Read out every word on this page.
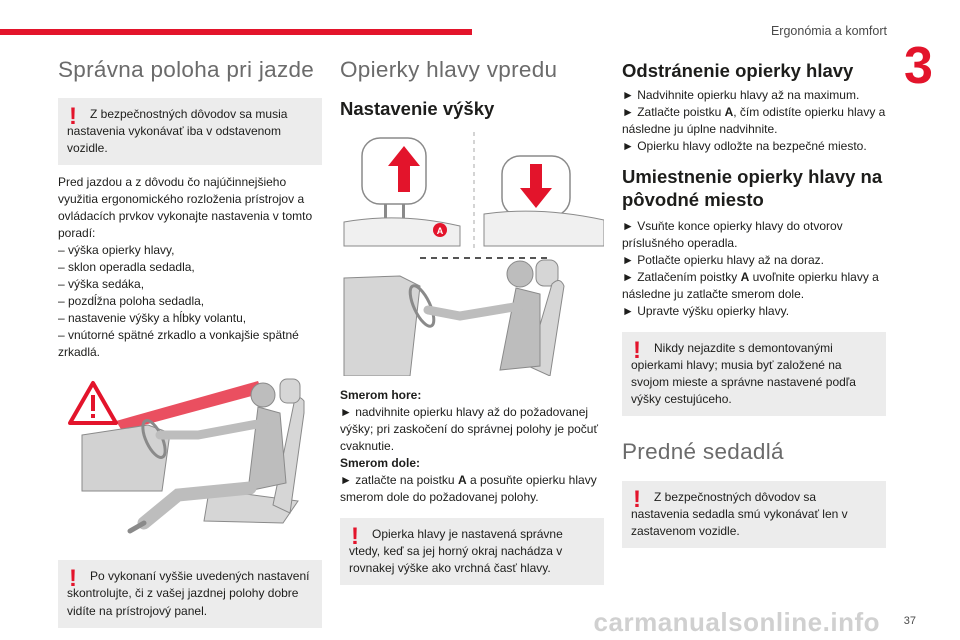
Ergonómia a komfort
3
Správna poloha pri jazde
!	Z bezpečnostných dôvodov sa musia nastavenia vykonávať iba v odstavenom vozidle.

Pred jazdou a z dôvodu čo najúčinnejšieho využitia ergonomického rozloženia prístrojov a ovládacích prvkov vykonajte nastavenia v tomto poradí:

– výška opierky hlavy,

– sklon operadla sedadla,

– výška sedáka,

– pozdĺžna poloha sedadla,

– nastavenie výšky a hĺbky volantu,

– vnútorné spätné zrkadlo a vonkajšie spätné zrkadlá.

!	Po vykonaní vyššie uvedených nastavení skontrolujte, či z vašej jazdnej polohy dobre vidíte na prístrojový panel.
Opierky hlavy vpredu
Nastavenie výšky
A

Smerom hore:

► nadvihnite opierku hlavy až do požadovanej výšky; pri zaskočení do správnej polohy je počuť cvaknutie.

Smerom dole:

► zatlačte na poistku A a posuňte opierku hlavy smerom dole do požadovanej polohy.

!	Opierka hlavy je nastavená správne vtedy, keď sa jej horný okraj nachádza v rovnakej výške ako vrchná časť hlavy.
Odstránenie opierky hlavy

► Nadvihnite opierku hlavy až na maximum.

► Zatlačte poistku A, čím odistíte opierku hlavy a následne ju úplne nadvihnite.

► Opierku hlavy odložte na bezpečné miesto.

Umiestnenie opierky hlavy na pôvodné miesto

► Vsuňte konce opierky hlavy do otvorov príslušného operadla.

► Potlačte opierku hlavy až na doraz.

► Zatlačením poistky A uvoľnite opierku hlavy a následne ju zatlačte smerom dole.

► Upravte výšku opierky hlavy.

!	Nikdy nejazdite s demontovanými opierkami hlavy; musia byť založené na svojom mieste a správne nastavené podľa výšky cestujúceho.
Predné sedadlá
!	Z bezpečnostných dôvodov sa nastavenia sedadla smú vykonávať len v zastavenom vozidle.
carmanualsonline.info 37
